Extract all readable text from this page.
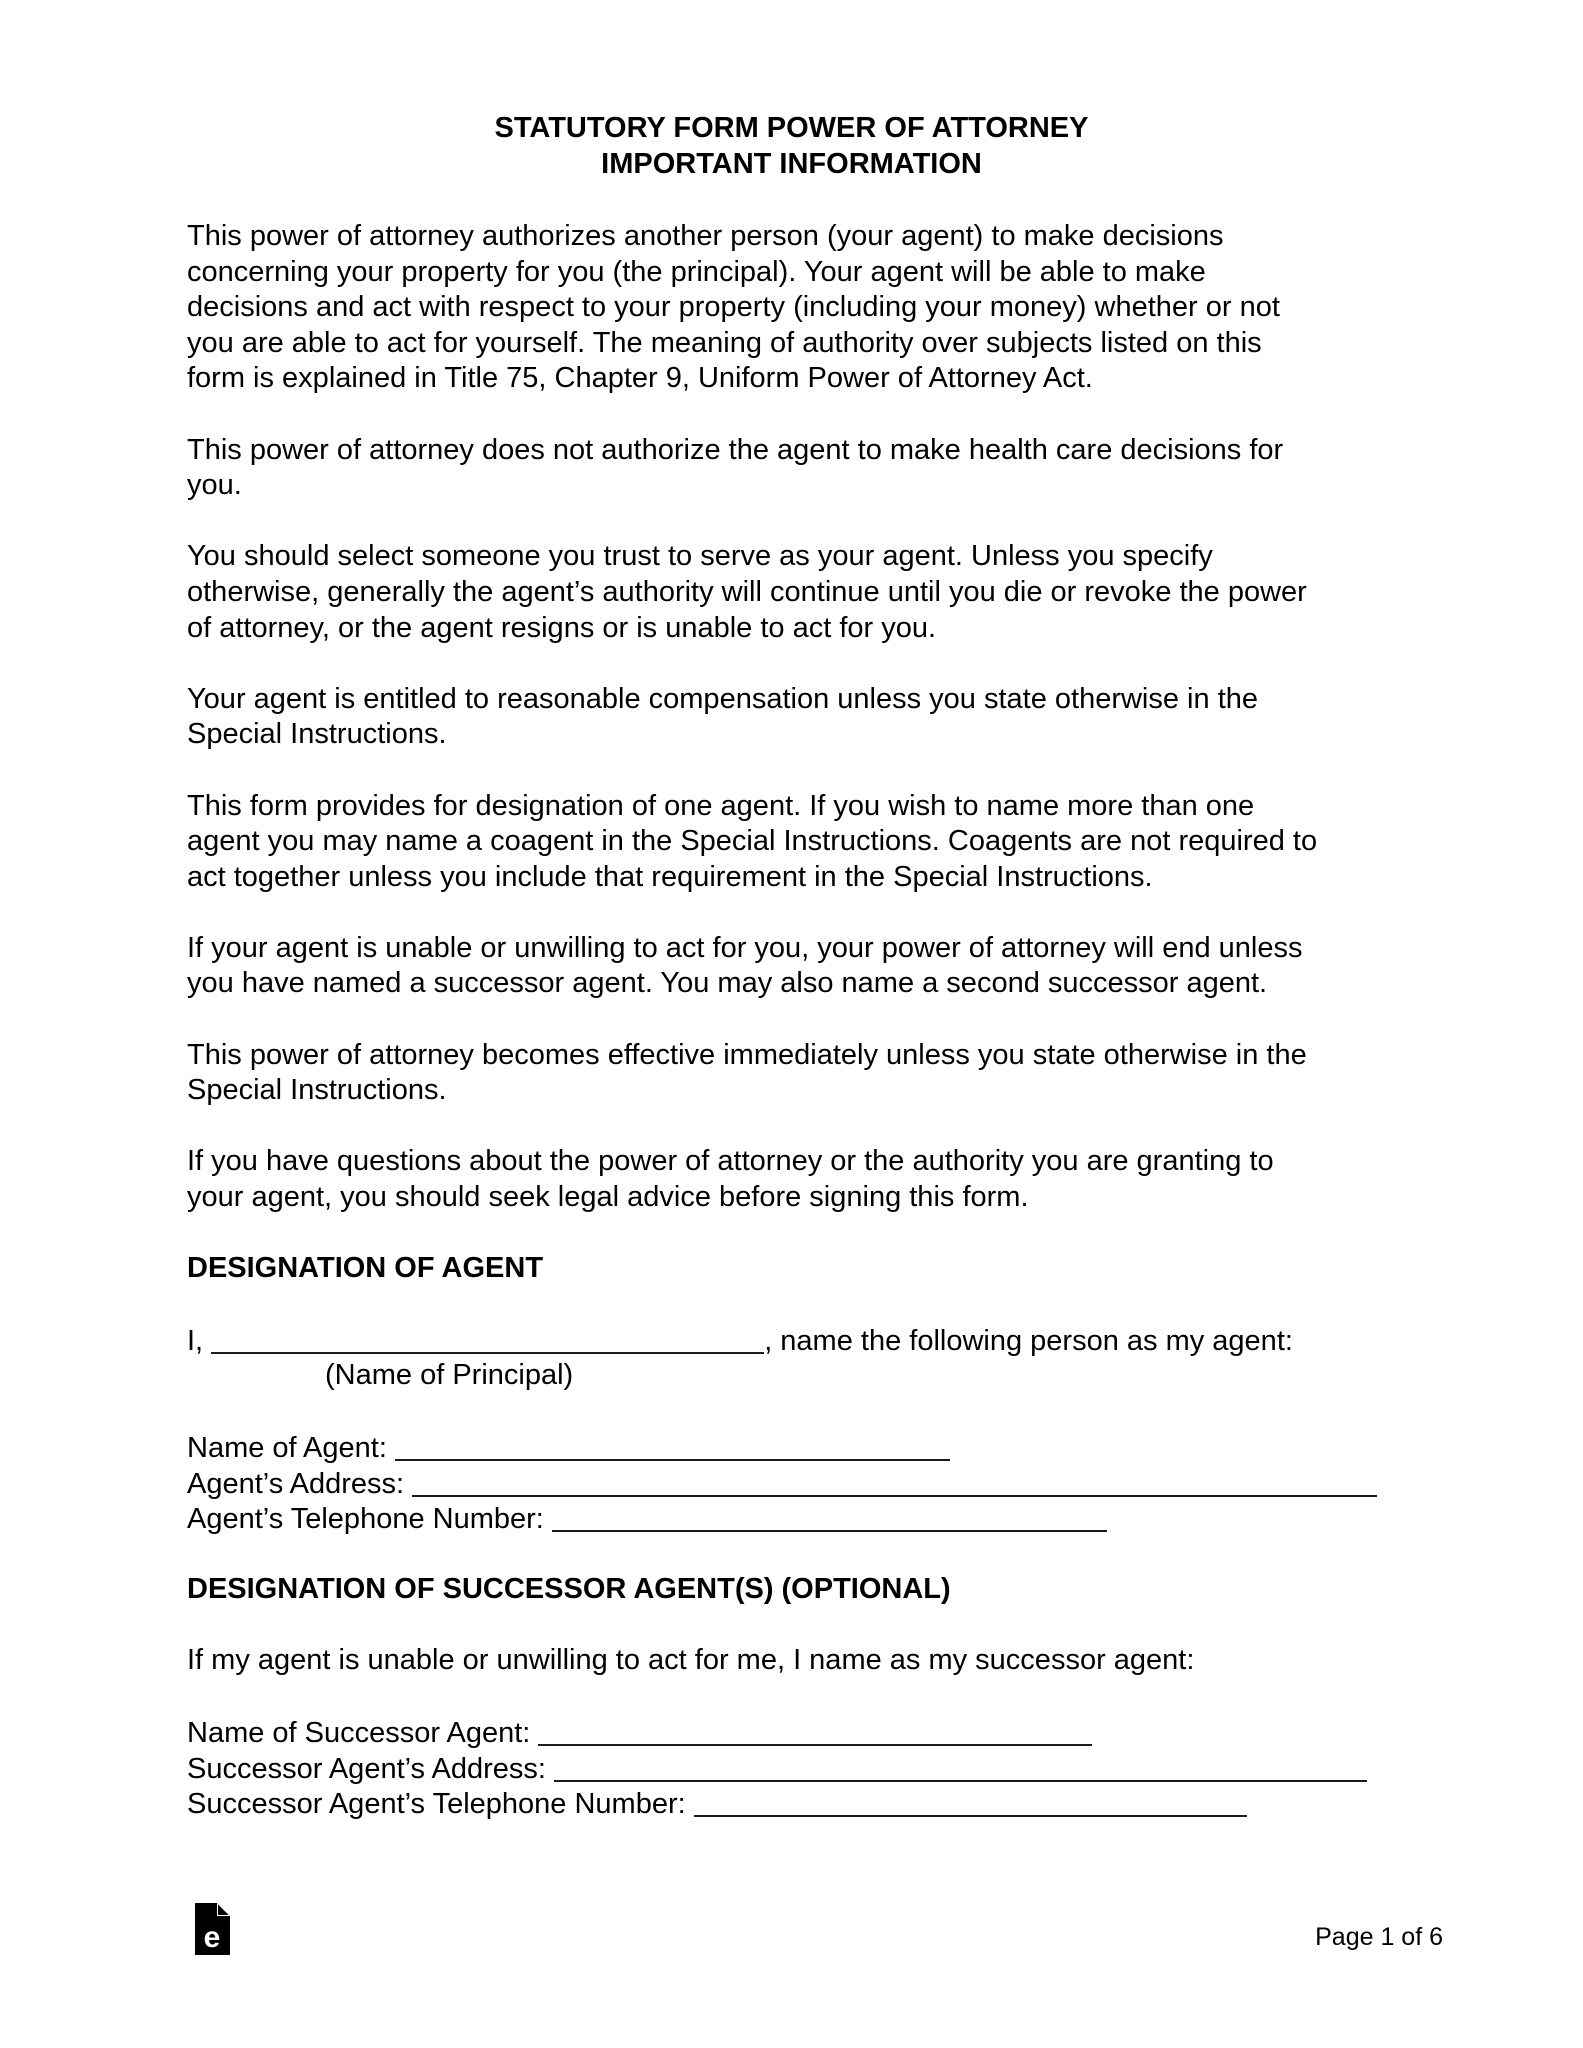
STATUTORY FORM POWER OF ATTORNEY
IMPORTANT INFORMATION
This power of attorney authorizes another person (your agent) to make decisions
concerning your property for you (the principal). Your agent will be able to make
decisions and act with respect to your property (including your money) whether or not
you are able to act for yourself. The meaning of authority over subjects listed on this
form is explained in Title 75, Chapter 9, Uniform Power of Attorney Act.
This power of attorney does not authorize the agent to make health care decisions for
you.
You should select someone you trust to serve as your agent. Unless you specify
otherwise, generally the agent’s authority will continue until you die or revoke the power
of attorney, or the agent resigns or is unable to act for you.
Your agent is entitled to reasonable compensation unless you state otherwise in the
Special Instructions.
This form provides for designation of one agent. If you wish to name more than one
agent you may name a coagent in the Special Instructions. Coagents are not required to
act together unless you include that requirement in the Special Instructions.
If your agent is unable or unwilling to act for you, your power of attorney will end unless
you have named a successor agent. You may also name a second successor agent.
This power of attorney becomes effective immediately unless you state otherwise in the
Special Instructions.
If you have questions about the power of attorney or the authority you are granting to
your agent, you should seek legal advice before signing this form.
DESIGNATION OF AGENT
I,	, name the following person as my agent:
(Name of Principal)
Name of Agent:
Agent’s Address:
Agent’s Telephone Number:
DESIGNATION OF SUCCESSOR AGENT(S) (OPTIONAL)
If my agent is unable or unwilling to act for me, I name as my successor agent:
Name of Successor Agent:
Successor Agent’s Address:
Successor Agent’s Telephone Number:
e	Page 1 of 6
